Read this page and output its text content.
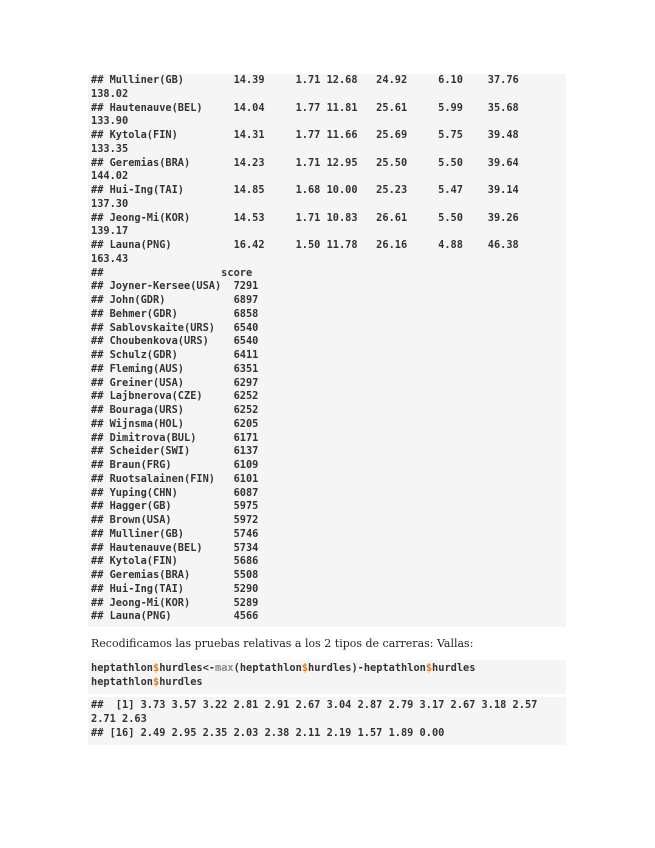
## Mulliner(GB)        14.39     1.71 12.68   24.92     6.10    37.76
138.02
## Hautenauve(BEL)     14.04     1.77 11.81   25.61     5.99    35.68
133.90
## Kytola(FIN)         14.31     1.77 11.66   25.69     5.75    39.48
133.35
## Geremias(BRA)       14.23     1.71 12.95   25.50     5.50    39.64
144.02
## Hui-Ing(TAI)        14.85     1.68 10.00   25.23     5.47    39.14
137.30
## Jeong-Mi(KOR)       14.53     1.71 10.83   26.61     5.50    39.26
139.17
## Launa(PNG)          16.42     1.50 11.78   26.16     4.88    46.38
163.43
##                   score
## Joyner-Kersee(USA)  7291
## John(GDR)           6897
## Behmer(GDR)         6858
## Sablovskaite(URS)   6540
## Choubenkova(URS)    6540
## Schulz(GDR)         6411
## Fleming(AUS)        6351
## Greiner(USA)        6297
## Lajbnerova(CZE)     6252
## Bouraga(URS)        6252
## Wijnsma(HOL)        6205
## Dimitrova(BUL)      6171
## Scheider(SWI)       6137
## Braun(FRG)          6109
## Ruotsalainen(FIN)   6101
## Yuping(CHN)         6087
## Hagger(GB)          5975
## Brown(USA)          5972
## Mulliner(GB)        5746
## Hautenauve(BEL)     5734
## Kytola(FIN)         5686
## Geremias(BRA)       5508
## Hui-Ing(TAI)        5290
## Jeong-Mi(KOR)       5289
## Launa(PNG)          4566

Recodificamos las pruebas relativas a los 2 tipos de carreras: Vallas:

heptathlon$hurdles<-max(heptathlon$hurdles)-heptathlon$hurdles
heptathlon$hurdles
##  [1] 3.73 3.57 3.22 2.81 2.91 2.67 3.04 2.87 2.79 3.17 2.67 3.18 2.57
2.71 2.63
## [16] 2.49 2.95 2.35 2.03 2.38 2.11 2.19 1.57 1.89 0.00
